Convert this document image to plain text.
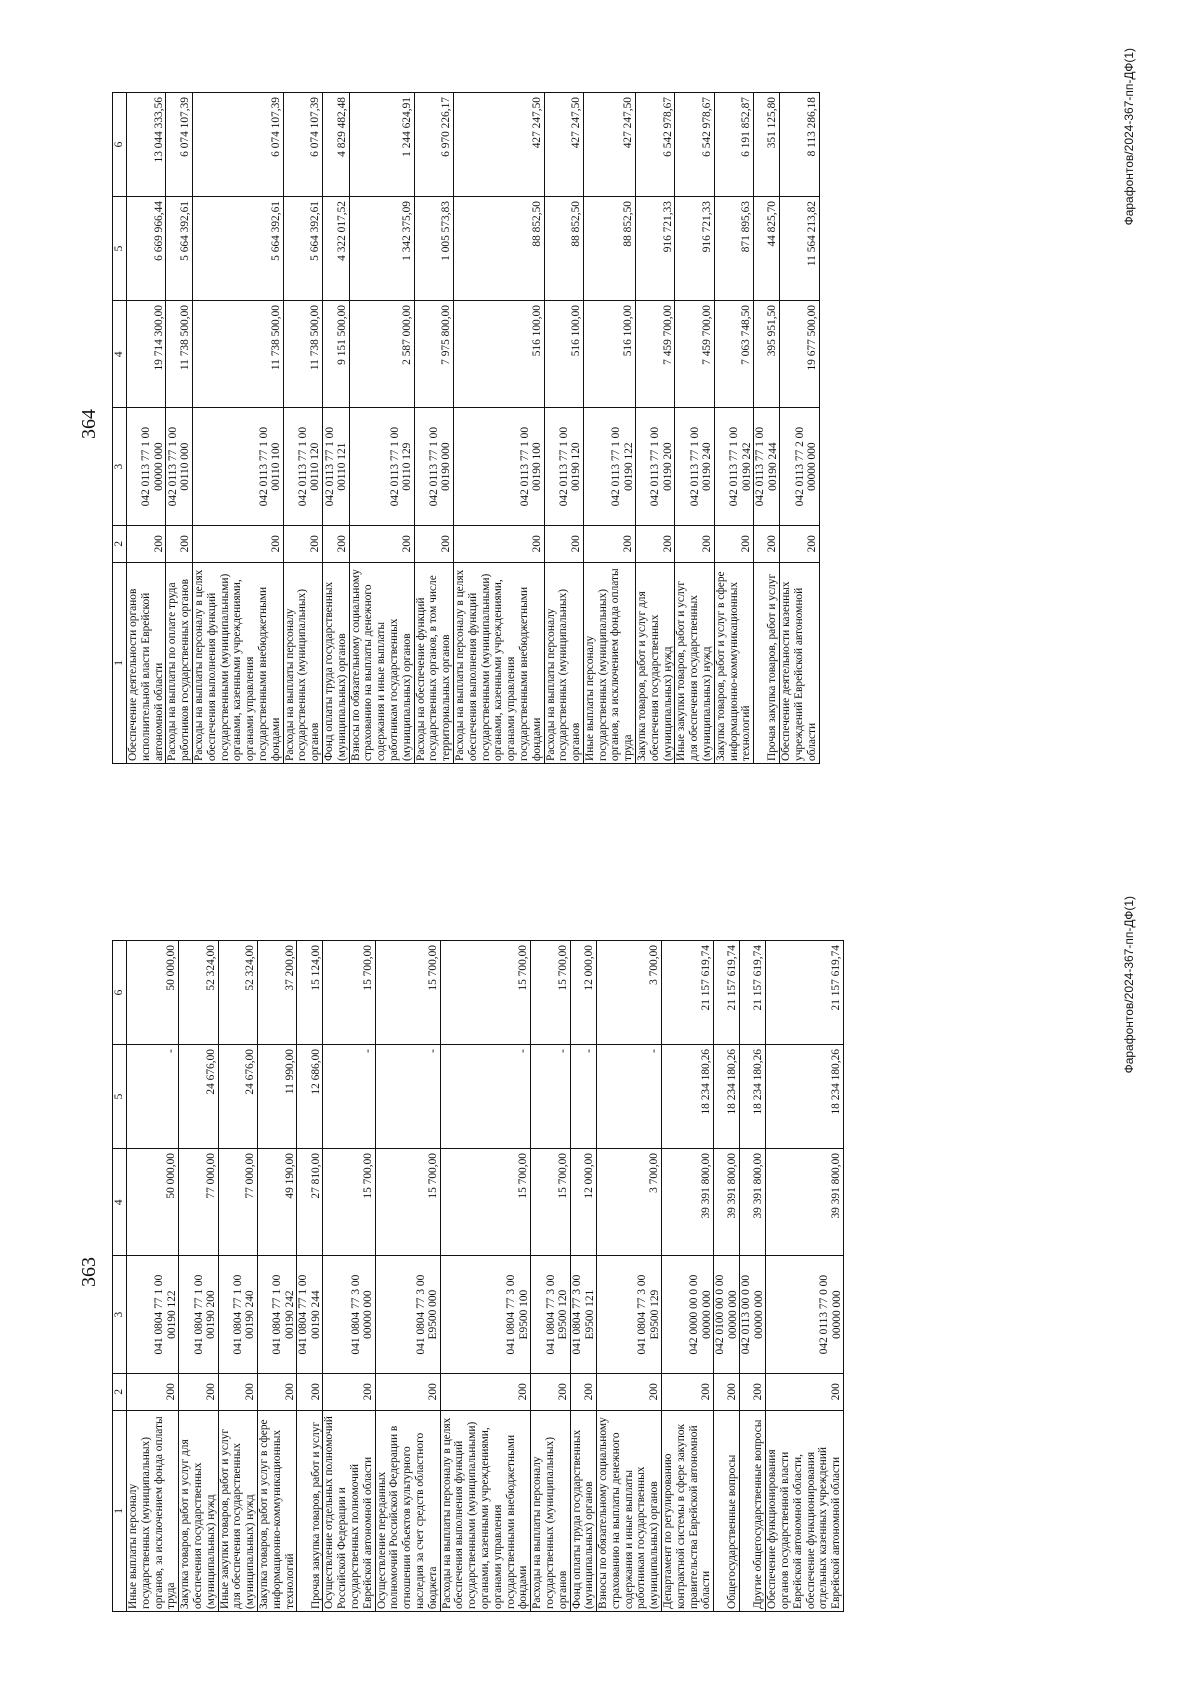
364
1	2	3	4	5	6
Обеспечение деятельности органов исполнительной власти Еврейской автономной области	200	042 0113 77 1 00 00000 000	19 714 300,00	6 669 966,44	13 044 333,56
Расходы на выплаты по оплате труда работников государственных органов	200	042 0113 77 1 00 00110 000	11 738 500,00	5 664 392,61	6 074 107,39
Расходы на выплаты персоналу в целях обеспечения выполнения функций государственными (муниципальными) органами, казенными учреждениями, органами управления государственными внебюджетными фондами	200	042 0113 77 1 00 00110 100	11 738 500,00	5 664 392,61	6 074 107,39
Расходы на выплаты персоналу государственных (муниципальных) органов	200	042 0113 77 1 00 00110 120	11 738 500,00	5 664 392,61	6 074 107,39
Фонд оплаты труда государственных (муниципальных) органов	200	042 0113 77 1 00 00110 121	9 151 500,00	4 322 017,52	4 829 482,48
Взносы по обязательному социальному страхованию на выплаты денежного содержания и иные выплаты работникам государственных (муниципальных) органов	200	042 0113 77 1 00 00110 129	2 587 000,00	1 342 375,09	1 244 624,91
Расходы на обеспечение функций государственных органов, в том числе территориальных органов	200	042 0113 77 1 00 00190 000	7 975 800,00	1 005 573,83	6 970 226,17
Расходы на выплаты персоналу в целях обеспечения выполнения функций государственными (муниципальными) органами, казенными учреждениями, органами управления государственными внебюджетными фондами	200	042 0113 77 1 00 00190 100	516 100,00	88 852,50	427 247,50
Расходы на выплаты персоналу государственных (муниципальных) органов	200	042 0113 77 1 00 00190 120	516 100,00	88 852,50	427 247,50
Иные выплаты персоналу государственных (муниципальных) органов, за исключением фонда оплаты труда	200	042 0113 77 1 00 00190 122	516 100,00	88 852,50	427 247,50
Закупка товаров, работ и услуг для обеспечения государственных (муниципальных) нужд	200	042 0113 77 1 00 00190 200	7 459 700,00	916 721,33	6 542 978,67
Иные закупки товаров, работ и услуг для обеспечения государственных (муниципальных) нужд	200	042 0113 77 1 00 00190 240	7 459 700,00	916 721,33	6 542 978,67
Закупка товаров, работ и услуг в сфере информационно-коммуникационных технологий	200	042 0113 77 1 00 00190 242	7 063 748,50	871 895,63	6 191 852,87
Прочая закупка товаров, работ и услуг	200	042 0113 77 1 00 00190 244	395 951,50	44 825,70	351 125,80
Обеспечение деятельности казенных учреждений Еврейской автономной области	200	042 0113 77 2 00 00000 000	19 677 500,00	11 564 213,82	8 113 286,18	Фарафонтов/2024-367-пп-ДФ(1)
363
1	2	3	4	5	6
Иные выплаты персоналу государственных (муниципальных) органов, за исключением фонда оплаты труда	200	041 0804 77 1 00 00190 122	50 000,00	-	50 000,00
Закупка товаров, работ и услуг для обеспечения государственных (муниципальных) нужд	200	041 0804 77 1 00 00190 200	77 000,00	24 676,00	52 324,00
Иные закупки товаров, работ и услуг для обеспечения государственных (муниципальных) нужд	200	041 0804 77 1 00 00190 240	77 000,00	24 676,00	52 324,00
Закупка товаров, работ и услуг в сфере информационно-коммуникационных технологий	200	041 0804 77 1 00 00190 242	49 190,00	11 990,00	37 200,00
Прочая закупка товаров, работ и услуг	200	041 0804 77 1 00 00190 244	27 810,00	12 686,00	15 124,00
Осуществление отдельных полномочий Российской Федерации и государственных полномочий Еврейской автономной области	200	041 0804 77 3 00 00000 000	15 700,00	-	15 700,00
Осуществление переданных полномочий Российской Федерации в отношении объектов культурного наследия за счет средств областного бюджета	200	041 0804 77 3 00 Е9500 000	15 700,00	-	15 700,00
Расходы на выплаты персоналу в целях обеспечения выполнения функций государственными (муниципальными) органами, казенными учреждениями, органами управления государственными внебюджетными фондами	200	041 0804 77 3 00 Е9500 100	15 700,00	-	15 700,00
Расходы на выплаты персоналу государственных (муниципальных) органов	200	041 0804 77 3 00 Е9500 120	15 700,00	-	15 700,00
Фонд оплаты труда государственных (муниципальных) органов	200	041 0804 77 3 00 Е9500 121	12 000,00	-	12 000,00
Взносы по обязательному социальному страхованию на выплаты денежного содержания и иные выплаты работникам государственных (муниципальных) органов	200	041 0804 77 3 00 Е9500 129	3 700,00	-	3 700,00
Департамент по регулированию контрактной системы в сфере закупок правительства Еврейской автономной области	200	042 0000 00 0 00 00000 000	39 391 800,00	18 234 180,26	21 157 619,74
Общегосударственные вопросы	200	042 0100 00 0 00 00000 000	39 391 800,00	18 234 180,26	21 157 619,74
Другие общегосударственные вопросы	200	042 0113 00 0 00 00000 000	39 391 800,00	18 234 180,26	21 157 619,74
Обеспечение функционирования органов государственной власти Еврейской автономной области, обеспечение функционирования отдельных казенных учреждений Еврейской автономной области	200	042 0113 77 0 00 00000 000	39 391 800,00	18 234 180,26	21 157 619,74	Фарафонтов/2024-367-пп-ДФ(1)
